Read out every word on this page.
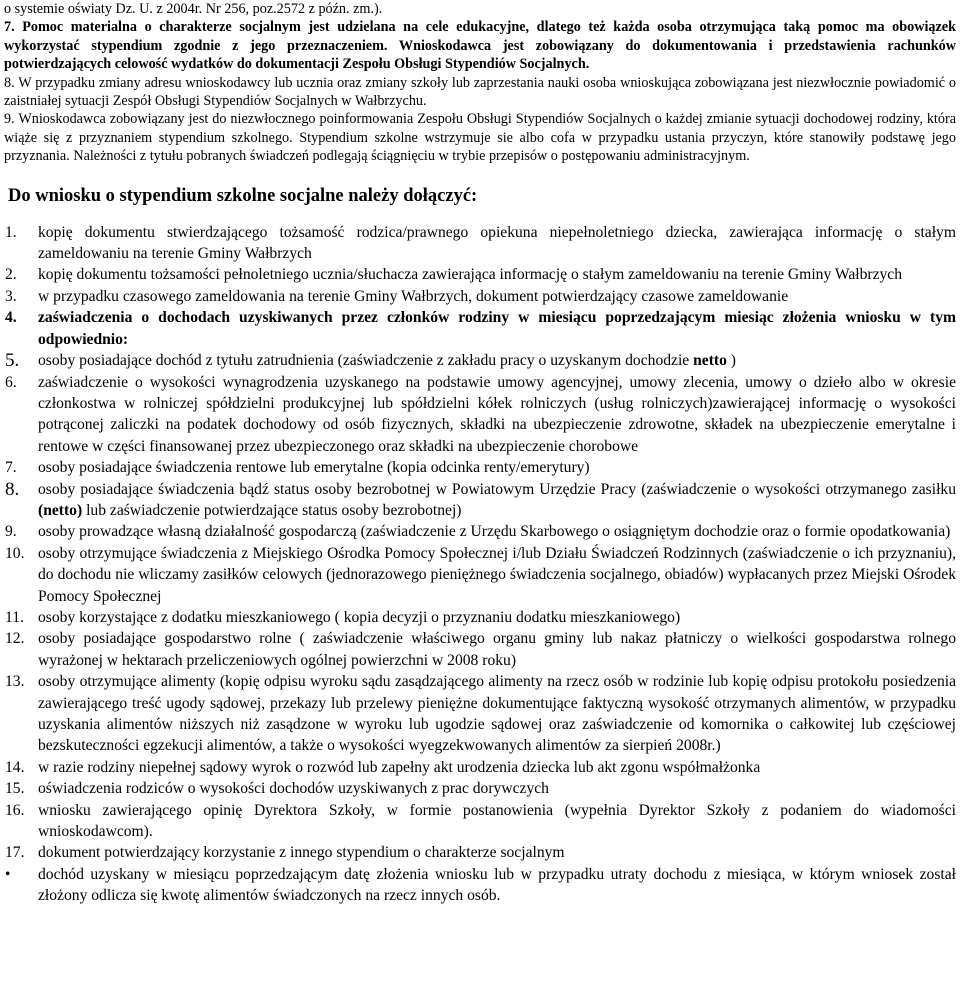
o systemie oświaty Dz. U. z 2004r. Nr 256, poz.2572 z późn. zm.).

7. Pomoc materialna o charakterze socjalnym jest udzielana na cele edukacyjne, dlatego też każda osoba otrzymująca taką pomoc ma obowiązek wykorzystać stypendium zgodnie z jego przeznaczeniem. Wnioskodawca jest zobowiązany do dokumentowania i przedstawienia rachunków potwierdzających celowość wydatków do dokumentacji Zespołu Obsługi Stypendiów Socjalnych.

8. W przypadku zmiany adresu wnioskodawcy lub ucznia oraz zmiany szkoły lub zaprzestania nauki osoba wnioskująca zobowiązana jest niezwłocznie powiadomić o zaistniałej sytuacji Zespół Obsługi Stypendiów Socjalnych w Wałbrzychu.

9. Wnioskodawca zobowiązany jest do niezwłocznego poinformowania Zespołu Obsługi Stypendiów Socjalnych o każdej zmianie sytuacji dochodowej rodziny, która wiąże się z przyznaniem stypendium szkolnego. Stypendium szkolne wstrzymuje sie albo cofa w przypadku ustania przyczyn, które stanowiły podstawę jego przyznania. Należności z tytułu pobranych świadczeń podlegają ściągnięciu w trybie przepisów o postępowaniu administracyjnym.

Do wniosku o stypendium szkolne socjalne należy dołączyć:
1.	kopię dokumentu stwierdzającego tożsamość rodzica/prawnego opiekuna niepełnoletniego dziecka, zawierająca informację o stałym zameldowaniu na terenie Gminy Wałbrzych
2.	kopię dokumentu tożsamości pełnoletniego ucznia/słuchacza zawierająca informację o stałym zameldowaniu na terenie Gminy Wałbrzych
3.	w przypadku czasowego zameldowania na terenie Gminy Wałbrzych, dokument potwierdzający czasowe zameldowanie
4.	zaświadczenia o dochodach uzyskiwanych przez członków rodziny w miesiącu poprzedzającym miesiąc złożenia wniosku w tym odpowiednio:
5.	osoby posiadające dochód z tytułu zatrudnienia (zaświadczenie z zakładu pracy o uzyskanym dochodzie netto )
6.	zaświadczenie o wysokości wynagrodzenia uzyskanego na podstawie umowy agencyjnej, umowy zlecenia, umowy o dzieło albo w okresie członkostwa w rolniczej spółdzielni produkcyjnej lub spółdzielni kółek rolniczych (usług rolniczych)zawierającej informację o wysokości potrąconej zaliczki na podatek dochodowy od osób fizycznych, składki na ubezpieczenie zdrowotne, składek na ubezpieczenie emerytalne i rentowe w części finansowanej przez ubezpieczonego oraz składki na ubezpieczenie chorobowe
7.	osoby posiadające świadczenia rentowe lub emerytalne (kopia odcinka renty/emerytury)
8.	osoby posiadające świadczenia bądź status osoby bezrobotnej w Powiatowym Urzędzie Pracy (zaświadczenie o wysokości otrzymanego zasiłku (netto) lub zaświadczenie potwierdzające status osoby bezrobotnej)
9.	osoby prowadzące własną działalność gospodarczą (zaświadczenie z Urzędu Skarbowego o osiągniętym dochodzie oraz o formie opodatkowania)
10. osoby otrzymujące świadczenia z Miejskiego Ośrodka Pomocy Społecznej i/lub Działu Świadczeń Rodzinnych (zaświadczenie o ich przyznaniu), do dochodu nie wliczamy zasiłków celowych (jednorazowego pieniężnego świadczenia socjalnego, obiadów) wypłacanych przez Miejski Ośrodek Pomocy Społecznej
11. osoby korzystające z dodatku mieszkaniowego ( kopia decyzji o przyznaniu dodatku mieszkaniowego)
12. osoby posiadające gospodarstwo rolne ( zaświadczenie właściwego organu gminy lub nakaz płatniczy o wielkości gospodarstwa rolnego wyrażonej w hektarach przeliczeniowych ogólnej powierzchni w 2008 roku)
13. osoby otrzymujące alimenty (kopię odpisu wyroku sądu zasądzającego alimenty na rzecz osób w rodzinie lub kopię odpisu protokołu posiedzenia zawierającego treść ugody sądowej, przekazy lub przelewy pieniężne dokumentujące faktyczną wysokość otrzymanych alimentów, w przypadku uzyskania alimentów niższych niż zasądzone w wyroku lub ugodzie sądowej oraz zaświadczenie od komornika o całkowitej lub częściowej bezskuteczności egzekucji alimentów, a także o wysokości wyegzekwowanych alimentów za sierpień 2008r.)
14. w razie rodziny niepełnej sądowy wyrok o rozwód lub zapełny akt urodzenia dziecka lub akt zgonu współmałżonka
15. oświadczenia rodziców o wysokości dochodów uzyskiwanych z prac dorywczych
16. wniosku zawierającego opinię Dyrektora Szkoły, w formie postanowienia (wypełnia Dyrektor Szkoły z podaniem do wiadomości wnioskodawcom).
17. dokument potwierdzający korzystanie z innego stypendium o charakterze socjalnym
•	dochód uzyskany w miesiącu poprzedzającym datę złożenia wniosku lub w przypadku utraty dochodu z miesiąca, w którym wniosek został złożony odlicza się kwotę alimentów świadczonych na rzecz innych osób.
